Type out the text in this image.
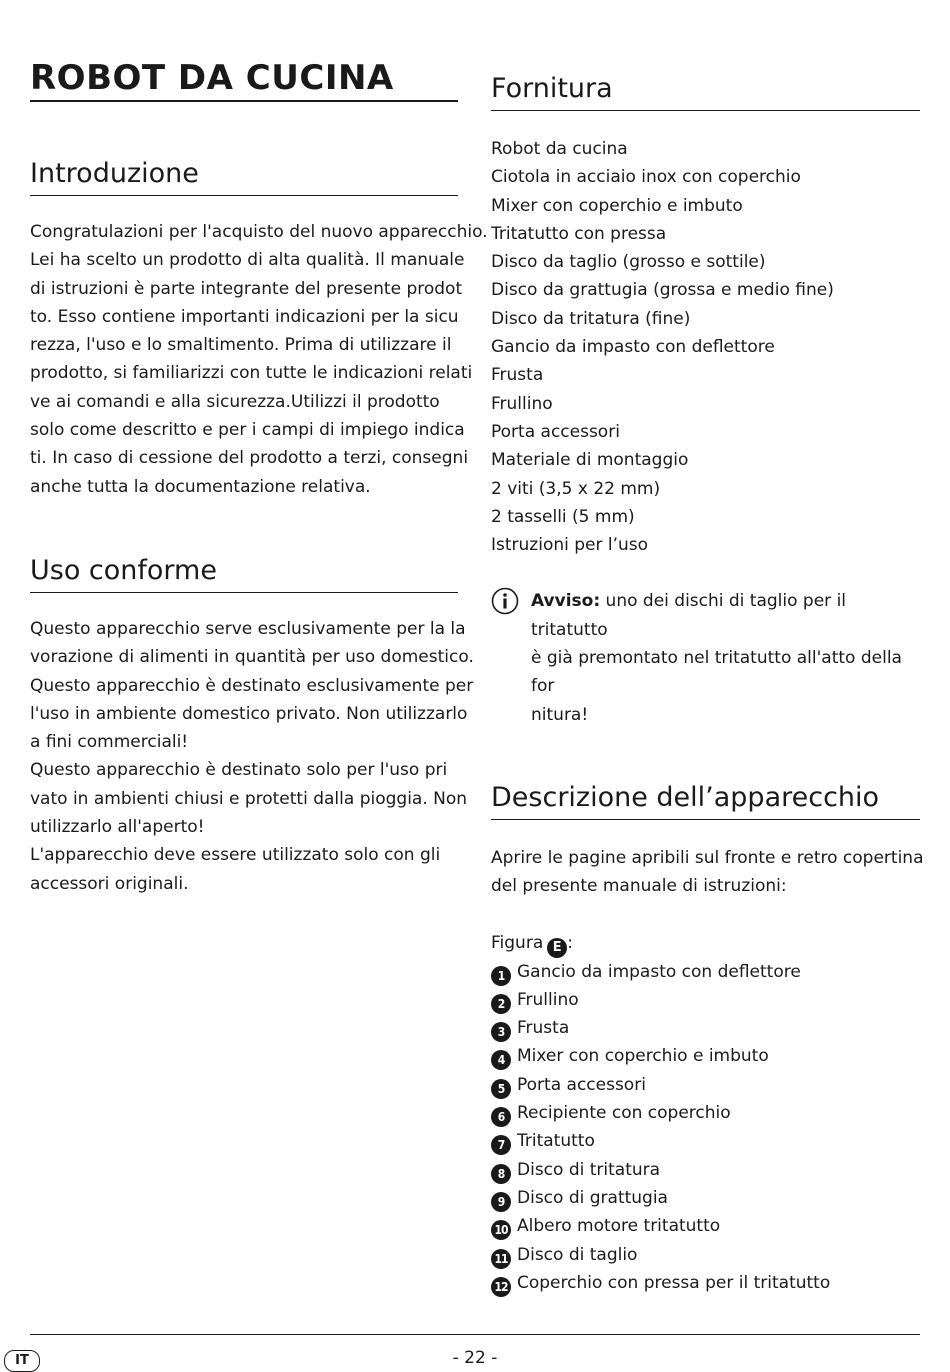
ROBOT DA CUCINA
Introduzione

Congratulazioni per l'acquisto del nuovo apparecchio.
Lei ha scelto un prodotto di alta qualità. Il manuale
di istruzioni è parte integrante del presente prodot
to. Esso contiene importanti indicazioni per la sicu
rezza, l'uso e lo smaltimento. Prima di utilizzare il
prodotto, si familiarizzi con tutte le indicazioni relati
ve ai comandi e alla sicurezza.Utilizzi il prodotto
solo come descritto e per i campi di impiego indica
ti. In caso di cessione del prodotto a terzi, consegni
anche tutta la documentazione relativa.

Uso conforme

Questo apparecchio serve esclusivamente per la la
vorazione di alimenti in quantità per uso domestico.
Questo apparecchio è destinato esclusivamente per
l'uso in ambiente domestico privato. Non utilizzarlo
a fini commerciali!
Questo apparecchio è destinato solo per l'uso pri
vato in ambienti chiusi e protetti dalla pioggia. Non
utilizzarlo all'aperto!
L'apparecchio deve essere utilizzato solo con gli
accessori originali.

Fornitura
Robot da cucina
Ciotola in acciaio inox con coperchio
Mixer con coperchio e imbuto
Tritatutto con pressa
Disco da taglio (grosso e sottile)
Disco da grattugia (grossa e medio fine)
Disco da tritatura (fine)
Gancio da impasto con deflettore
Frusta
Frullino
Porta accessori
Materiale di montaggio
2 viti (3,5 x 22 mm)
2 tasselli (5 mm)
Istruzioni per l’uso
Avviso: uno dei dischi di taglio per il tritatutto
è già premontato nel tritatutto all'atto della for
nitura!
Descrizione dell’apparecchio

Aprire le pagine apribili sul fronte e retro copertina
del presente manuale di istruzioni:

Figura E :
1 Gancio da impasto con deflettore
2 Frullino
3 Frusta
4 Mixer con coperchio e imbuto
5 Porta accessori
6 Recipiente con coperchio
7 Tritatutto
8 Disco di tritatura
9 Disco di grattugia
10 Albero motore tritatutto
11 Disco di taglio
12 Coperchio con pressa per il tritatutto
IT	- 22 -
